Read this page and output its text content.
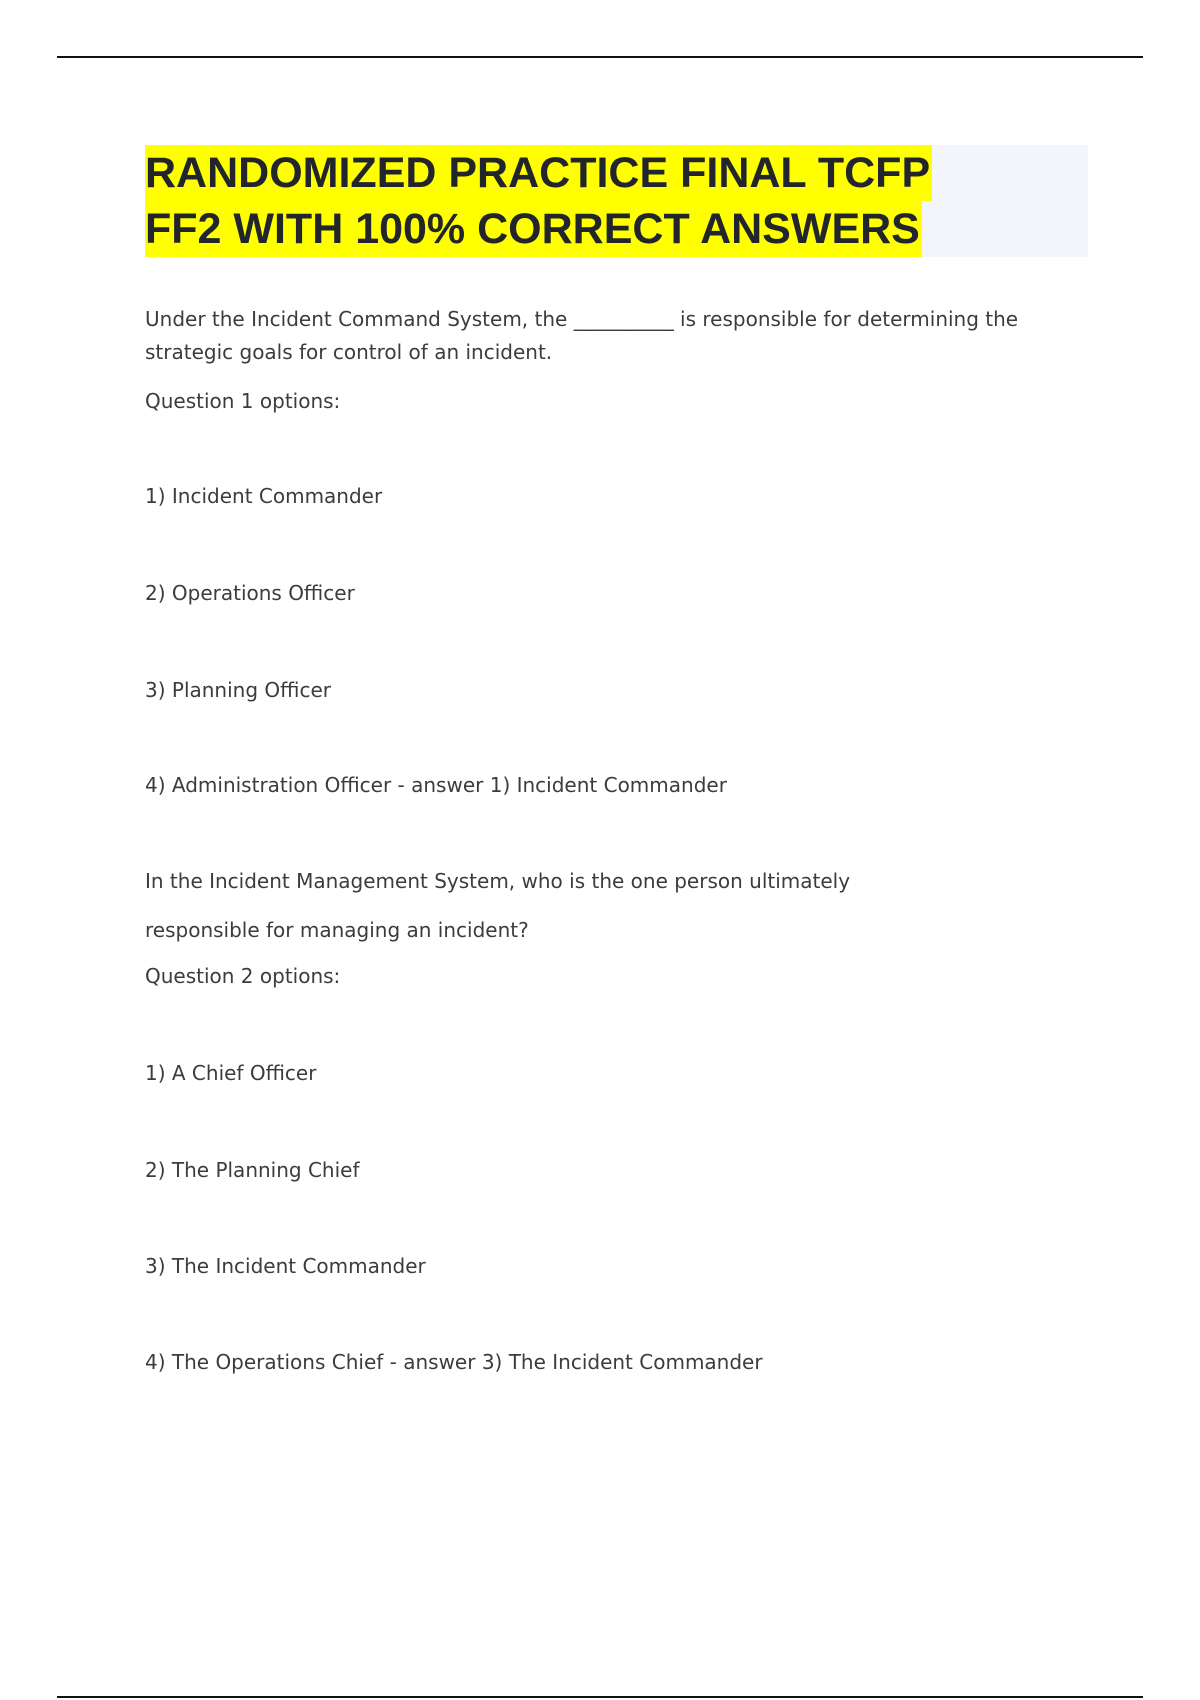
RANDOMIZED PRACTICE FINAL TCFP
FF2 WITH 100% CORRECT ANSWERS
Under the Incident Command System, the __________ is responsible for determining the
strategic goals for control of an incident.
Question 1 options:
1) Incident Commander
2) Operations Officer
3) Planning Officer
4) Administration Officer - answer 1) Incident Commander
In the Incident Management System, who is the one person ultimately
responsible for managing an incident?
Question 2 options:
1) A Chief Officer
2) The Planning Chief
3) The Incident Commander
4) The Operations Chief - answer 3) The Incident Commander
